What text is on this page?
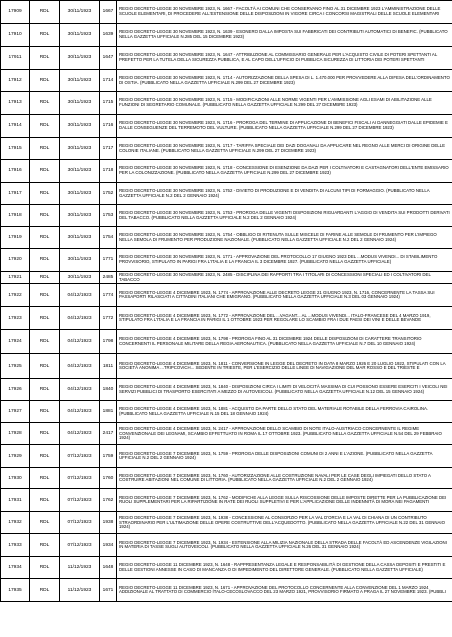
17909	RDL	30/11/1923	1667	REGIO DECRETO-LEGGE 30 NOVEMBRE 1923, N. 1667 - FACOLTÀ AI COMUNI CHE CONSERVANO FINO AL 31 DICEMBRE 1923 L'AMMINISTRAZIONE DELLE SCUOLE ELEMENTARI, DI PROCEDERE ALL'ESTENSIONE DELLE DISPOSIZIONI IN VIGORE CIRCA I CONCORSI MAGISTRALI DELLE SCUOLE ELEMENTARI
17910	RDL	30/11/1923	1639	REGIO DECRETO-LEGGE 30 NOVEMBRE 1923, N. 1639 - ESONERO DALLA IMPOSTA SUI FABBRICATI DEI CONTRIBUTI AUTOMATICI DI BENEFIC. (PUBBLICATO NELLA GAZZETTA UFFICIALE N.285 DEL 15 DICEMBRE 1923)
17911	RDL	30/11/1923	1647	REGIO DECRETO-LEGGE 30 NOVEMBRE 1923, N. 1647 - ATTRIBUZIONE AL COMMISSARIO GENERALE PER L'ACQUISTO CIVILE DI POTERI SPETTANTI AL PREFETTO PER LA TUTELA DELLA SICUREZZA PUBBLICA, E AL CAPO DELL'UFFICIO DI PUBBLICA SICUREZZA DI LITTORIA DEI POTERI SPETTANTI
17912	RDL	30/11/1923	1714	REGIO DECRETO-LEGGE 30 NOVEMBRE 1923, N. 1714 - AUTORIZZAZIONE DELLA SPESA DI L. 1.470.000 PER PROVVEDERE ALLA DIFESA DELL'ORDINAMENTO DI OSTIA. (PUBBLICATO NELLA GAZZETTA UFFICIALE N.299 DEL 27 DICEMBRE 1923)
17913	RDL	30/11/1923	1715	REGIO DECRETO-LEGGE 30 NOVEMBRE 1923, N. 1715 - MODIFICAZIONI ALLE NORME VIGENTI PER L'AMMISSIONE AGLI ESAMI DI ABILITAZIONE ALLE FUNZIONI DI SEGRETARIO COMUNALE. (PUBBLICATO NELLA GAZZETTA UFFICIALE N.299 DEL 27 DICEMBRE 1923)
17914	RDL	30/11/1923	1716	REGIO DECRETO-LEGGE 30 NOVEMBRE 1923, N. 1716 - PROROGA DEL TERMINE DI APPLICAZIONE DI BENEFICI FISCALI AI DANNEGGIATI DALLE EPIDEMIE E DALLE CONSEGUENZE DEL TERREMOTO DEL VULTURE. (PUBBLICATO NELLA GAZZETTA UFFICIALE N.299 DEL 27 DICEMBRE 1923)
17915	RDL	30/11/1923	1717	REGIO DECRETO-LEGGE 30 NOVEMBRE 1923, N. 1717 - TARIFFA SPECIALE DEI DAZI DOGANALI DA APPLICARE NEL REGNO ALLE MERCI DI ORIGINE DELLE COLONIE ITALIANE. (PUBBLICATO NELLA GAZZETTA UFFICIALE N.299 DEL 27 DICEMBRE 1923)
17916	RDL	30/11/1923	1718	REGIO DECRETO-LEGGE 30 NOVEMBRE 1923, N. 1718 - CONCESSIONE DI ESENZIONE DA DAZI PER I COLTIVATORI E CASTAGNATORI DELL'ENTE EMISSARIO PER LA COLONIZZAZIONE. (PUBBLICATO NELLA GAZZETTA UFFICIALE N.299 DEL 27 DICEMBRE 1923)
17917	RDL	30/11/1923	1752	REGIO DECRETO-LEGGE 30 NOVEMBRE 1923, N. 1752 - DIVIETO DI PRODUZIONE E DI VENDITA DI ALCUNI TIPI DI FORMAGGIO. (PUBBLICATO NELLA GAZZETTA UFFICIALE N.2 DEL 2 GENNAIO 1924)
17918	RDL	30/11/1923	1753	REGIO DECRETO-LEGGE 30 NOVEMBRE 1923, N. 1753 - PROROGA DELLE VIGENTI DISPOSIZIONI RIGUARDANTI L'AGGIO DI VENDITA SUI PRODOTTI DERIVATI DEL TABACCO. (PUBBLICATO NELLA GAZZETTA UFFICIALE N.2 DEL 2 GENNAIO 1924)
17919	RDL	30/11/1923	1754	REGIO DECRETO-LEGGE 30 NOVEMBRE 1923, N. 1754 - OBBLIGO DI RITENUTA SULLE MISCELE DI FARINE ALLE SEMOLE DI FRUMENTO PER L'IMPIEGO NELLA SEMOLA DI FRUMENTO PER PRODUZIONE NAZIONALE. (PUBBLICATO NELLA GAZZETTA UFFICIALE N.2 DEL 2 GENNAIO 1924)
17920	RDL	30/11/1923	1771	REGIO DECRETO-LEGGE 30 NOVEMBRE 1923, N. 1771 - APPROVAZIONE DEL PROTOCOLLO 17 GIUGNO 1923 DEL ...MODUS VIVENDI... DI STABILIMENTO PROVVISORIO, STIPULATO IN PARIGI FRA L'ITALIA E LA FRANCIA IL 3 DICEMBRE 1927. (PUBBLICATO NELLA GAZZETTA UFFICIALE)
17921	RDL	30/11/1923	2485	REGIO DECRETO-LEGGE 30 NOVEMBRE 1923, N. 2485 - DISCIPLINA DEI RAPPORTI TRA I TITOLARI DI CONCESSIONI SPECIALI ED I COLTIVATORI DEL TABACCO
17922	RDL	04/12/1923	1774	REGIO DECRETO-LEGGE 4 DICEMBRE 1923, N. 1774 - APPROVAZIONE ALLE DECRETO LEGGE 21 GIUGNO 1923, N. 1716, CONCERNENTE LA TASSA SUI PASSAPORTI RILASCIATI A CITTADINI ITALIANI CHE EMIGRANO. (PUBBLICATO NELLA GAZZETTA UFFICIALE N.3 DEL 03 GENNAIO 1924)
17923	RDL	04/12/1923	1772	REGIO DECRETO-LEGGE 4 DICEMBRE 1923, N. 1772 - APPROVAZIONE DEL ...VAGANT... AL ...MODUS VIVENDI... ITALO-FRANCESE DEL 4 MARZO 1919, STIPULATO FRA L'ITALIA E LA FRANCIA IN PARIGI IL 1 OTTOBRE 1923 PER REGOLARE LO SCAMBIO FRA I DUE PAESI DEI VINI E DELLE BEVANDE
17924	RDL	04/12/1923	1798	REGIO DECRETO-LEGGE 4 DICEMBRE 1923, N. 1798 - PROROGA FINO AL 31 DICEMBRE 1924 DELLE DISPOSIZIONI DI CARATTERE TRANSITORIO CONCERNENTI IL PERSONALE MILITARE DELLA REGIA AERONAUTICA. (PUBBLICATO NELLA GAZZETTA UFFICIALE N.7 DEL 10 GENNAIO 1924)
17925	RDL	04/12/1923	1811	REGIO DECRETO-LEGGE 4 DICEMBRE 1923, N. 1811 - CONVERSIONE IN LEGGE DEL DECRETO IN DATA 8 MARZO 1926 E 20 LUGLIO 1922, STIPULATI CON LA SOCIETÀ ANONIMA ...TRIPCOVICH... SEDENTE IN TRIESTE, PER L'ESERCIZIO DELLE LINEE DI NAVIGAZIONE DEL MAR ROSSO E DEL TRIESTE E
17926	RDL	04/12/1923	1840	REGIO DECRETO-LEGGE 4 DICEMBRE 1923, N. 1840 - DISPOSIZIONI CIRCA I LIMITI DI VELOCITÀ MASSIMA DI CUI POSSONO ESSERE ESERCITI I VEICOLI NEI SERVIZI PUBBLICI DI TRASPORTO ESERCITATI A MEZZO DI AUTOVEICOLI. (PUBBLICATO NELLA GAZZETTA UFFICIALE N.12 DEL 15 GENNAIO 1924)
17927	RDL	04/12/1923	1881	REGIO DECRETO-LEGGE 4 DICEMBRE 1923, N. 1881 - ACQUISTO DA PARTE DELLO STATO DEL MATERIALE ROTABILE DELLA FERROVIA CAIROLINA. (PUBBLICATO NELLA GAZZETTA UFFICIALE N.15 DEL 18 GENNAIO 1924)
17928	RDL	04/12/1923	2417	REGIO DECRETO-LEGGE 4 DICEMBRE 1923, N. 2417 - APPROVAZIONE DELLO SCAMBIO DI NOTE ITALO-AUSTRIACO CONCERNENTE IL REGIME CONVENZIONALE DEI LEGNAMI, SCAMBIO EFFETTUATO IN ROMA IL 17 OTTOBRE 1923. (PUBBLICATO NELLA GAZZETTA UFFICIALE N.54 DEL 29 FEBBRAIO 1924)
17929	RDL	07/12/1923	1759	REGIO DECRETO-LEGGE 7 DICEMBRE 1923, N. 1759 - PROROGA DELLE DISPOSIZIONI COMUNI DI 2 ANNI E L'AZIONE. (PUBBLICATO NELLA GAZZETTA UFFICIALE N.2 DEL 2 GENNAIO 1924)
17930	RDL	07/12/1923	1760	REGIO DECRETO-LEGGE 7 DICEMBRE 1923, N. 1760 - AUTORIZZAZIONE ALLE COSTRUZIONE NAVALI PER LE CASE DEGLI IMPIEGATI DELLO STATO A COSTRUIRE ABITAZIONI NEL COMUNE DI LITTORIA. (PUBBLICATO NELLA GAZZETTA UFFICIALE N.2 DEL 2 GENNAIO 1924)
17931	RDL	07/12/1923	1762	REGIO DECRETO-LEGGE 7 DICEMBRE 1923, N. 1762 - MODIFICHE ALLA LEGGE SULLA RISCOSSIONE DELLE IMPOSTE DIRETTE PER LA PUBBLICAZIONE DEI RUOLI SUPPLEMENTARI PER LA RIPARTIZIONE IN RATE DEI RUOLI SUPPLETIVI E PER L'APPLICAZIONE DELLE INDENNITÀ DI MORA NEI PAGAMENTI
17932	RDL	07/12/1923	1938	REGIO DECRETO-LEGGE 7 DICEMBRE 1923, N. 1938 - CONCESSIONE AL CONSORZIO PER LA VAL D'ORCIA E LA VAL DI CHIANA DI UN CONTRIBUTO STRAORDINARIO PER L'ULTIMAZIONE DELLE OPERE COSTRUTTIVE DELL'ACQUEDOTTO. (PUBBLICATO NELLA GAZZETTA UFFICIALE N.22 DEL 31 GENNAIO 1924)
17933	RDL	07/12/1923	1934	REGIO DECRETO-LEGGE 7 DICEMBRE 1923, N. 1934 - ESTENSIONE ALLA MILIZIA NAZIONALE DELLA STRADA DELLE FACOLTÀ ED ASCENDENZE VIGILAZIONI IN MATERIA DI TASSE SUGLI AUTOVEICOLI. (PUBBLICATO NELLA GAZZETTA UFFICIALE N.26 DEL 31 GENNAIO 1924)
17934	RDL	11/12/1923	1648	REGIO DECRETO-LEGGE 11 DICEMBRE 1923, N. 1648 - RAPPRESENTANZA LEGALE E RESPONSABILITÀ DI GESTIONE DELLA CASSA DEPOSITI E PRESTITI E DELLE GESTIONI ANNESSE IN CASO DI MANCANZA O DI IMPEDIMENTO DEL DIRETTORE GENERALE. (PUBBLICATO NELLA GAZZETTA UFFICIALE)
17935	RDL	11/12/1923	1671	REGIO DECRETO-LEGGE 11 DICEMBRE 1923, N. 1671 - APPROVAZIONE DEL PROTOCOLLO CONCERNENTE ALLA CONVENZIONE DEL 1 MARZO 1924 ADDIZIONALE AL TRATTATO DI COMMERCIO ITALO-CECOSLOVACCO DEL 23 MARZO 1921, PROVVISORIO FIRMATO A PRAGA IL 27 NOVEMBRE 1923. (PUBBLI
